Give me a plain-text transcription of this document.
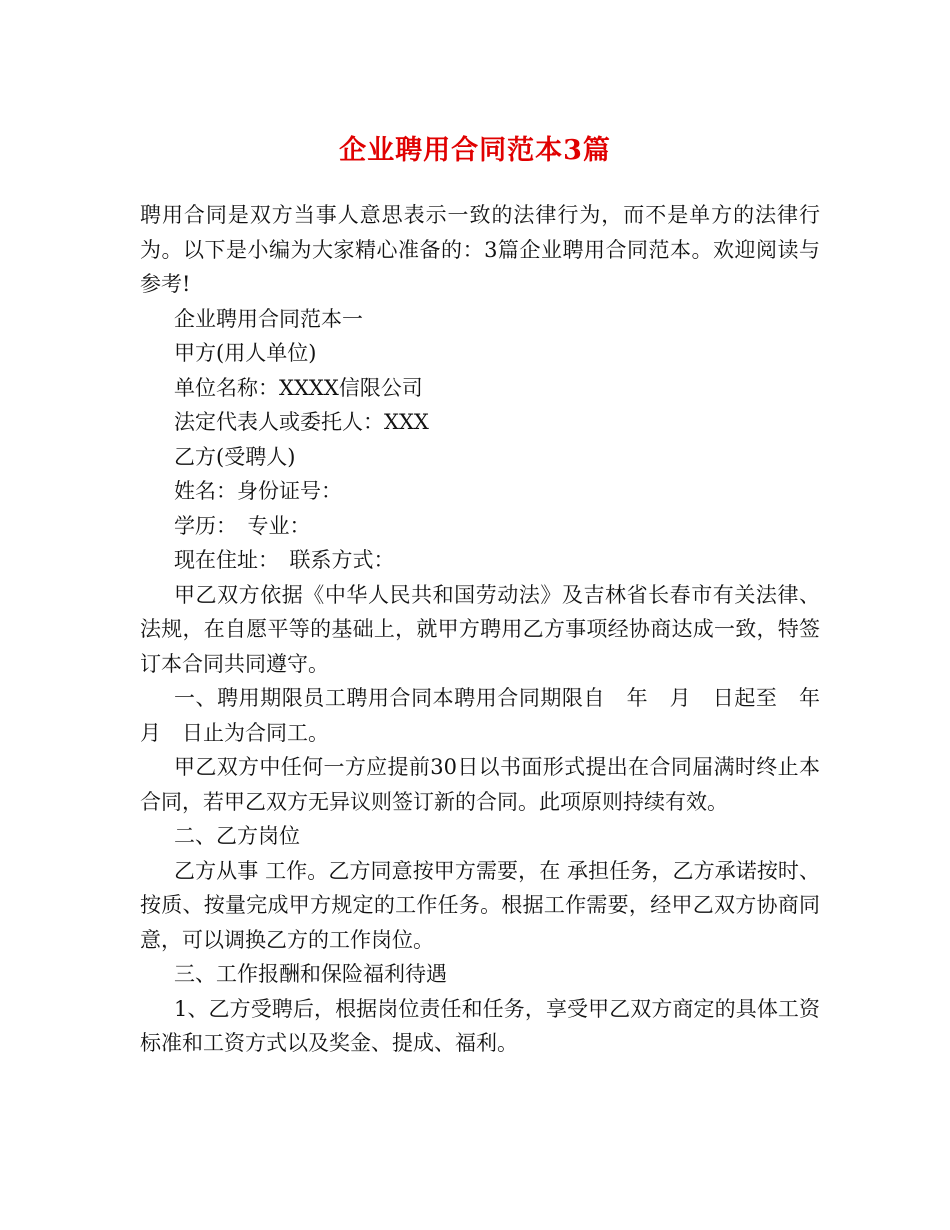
企业聘用合同范本3篇

聘用合同是双方当事人意思表示一致的法律行为，而不是单方的法律行为。以下是小编为大家精心准备的：3篇企业聘用合同范本。欢迎阅读与参考!

企业聘用合同范本一

甲方(用人单位)

单位名称：XXXX信限公司

法定代表人或委托人：XXX

乙方(受聘人)

姓名：身份证号：

学历：　专业：

现在住址：　联系方式：

甲乙双方依据《中华人民共和国劳动法》及吉林省长春市有关法律、法规，在自愿平等的基础上，就甲方聘用乙方事项经协商达成一致，特签订本合同共同遵守。

一、聘用期限员工聘用合同本聘用合同期限自　年　月　日起至　年　月　日止为合同工。

甲乙双方中任何一方应提前30日以书面形式提出在合同届满时终止本合同，若甲乙双方无异议则签订新的合同。此项原则持续有效。

二、乙方岗位

乙方从事 工作。乙方同意按甲方需要，在 承担任务，乙方承诺按时、按质、按量完成甲方规定的工作任务。根据工作需要，经甲乙双方协商同意，可以调换乙方的工作岗位。

三、工作报酬和保险福利待遇

1、乙方受聘后，根据岗位责任和任务，享受甲乙双方商定的具体工资标准和工资方式以及奖金、提成、福利。
